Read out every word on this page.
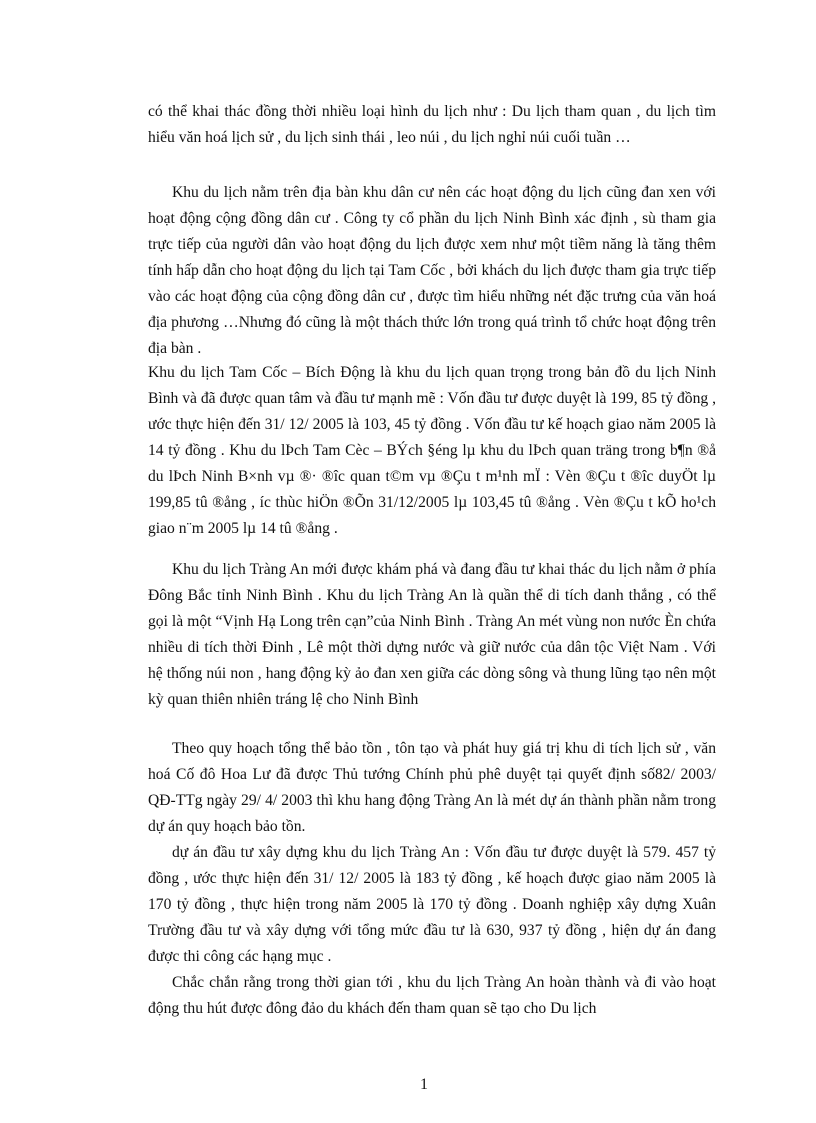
có thể khai thác đồng thời nhiều loại hình du lịch như : Du lịch tham quan , du lịch tìm hiểu văn hoá lịch sử , du lịch sinh thái , leo núi , du lịch nghỉ núi cuối tuần …

Khu du lịch nằm trên địa bàn khu dân cư nên các hoạt động du lịch cũng đan xen với hoạt động cộng đồng dân cư . Công ty cổ phần du lịch Ninh Bình xác định , sù tham gia trực tiếp của người dân vào hoạt động du lịch được xem như một tiềm năng là tăng thêm tính hấp dẫn cho hoạt động du lịch tại Tam Cốc , bởi khách du lịch được tham gia trực tiếp vào các hoạt động của cộng đồng dân cư , được tìm hiểu những nét đặc trưng của văn hoá địa phương …Nhưng đó cũng là một thách thức lớn trong quá trình tổ chức hoạt động trên địa bàn .

Khu du lịch Tam Cốc – Bích Động là khu du lịch quan trọng trong bản đồ du lịch Ninh Bình và đã được quan tâm và đầu tư mạnh mẽ : Vốn đầu tư được duyệt là 199, 85 tỷ đồng , ước thực hiện đến 31/ 12/ 2005 là 103, 45 tỷ đồng . Vốn đầu tư kế hoạch giao năm 2005 là 14 tỷ đồng . Khu du lÞch Tam Cèc – BÝch §éng lµ khu du lÞch quan träng trong b¶n ®å du lÞch Ninh B×nh vµ ®· ®îc quan t©m vµ ®Çu t m¹nh mÏ : Vèn ®Çu t ®îc duyÖt lµ 199,85 tû ®ång , íc thùc hiÖn ®Õn 31/12/2005 lµ 103,45 tû ®ång . Vèn ®Çu t kÕ ho¹ch giao n¨m 2005 lµ 14 tû ®ång .

Khu du lịch Tràng An mới được khám phá và đang đầu tư khai thác du lịch nằm ở phía Đông Bắc tỉnh Ninh Bình . Khu du lịch Tràng An là quần thể di tích danh thắng , có thể gọi là một “Vịnh Hạ Long trên cạn”của Ninh Bình . Tràng An mét vùng non nước Èn chứa nhiều di tích thời Đinh , Lê một thời dựng nước và giữ nước của dân tộc Việt Nam . Với hệ thống núi non , hang động kỳ ảo đan xen giữa các dòng sông và thung lũng tạo nên một kỳ quan thiên nhiên tráng lệ cho Ninh Bình

Theo quy hoạch tổng thể bảo tồn , tôn tạo và phát huy giá trị khu di tích lịch sử , văn hoá Cố đô Hoa Lư đã được Thủ tướng Chính phủ phê duyệt tại quyết định số82/ 2003/ QĐ-TTg ngày 29/ 4/ 2003 thì khu hang động Tràng An là mét dự án thành phần nằm trong dự án quy hoạch bảo tồn.

dự án đầu tư xây dựng khu du lịch Tràng An : Vốn đầu tư được duyệt là 579. 457 tỷ đồng , ước thực hiện đến 31/ 12/ 2005 là 183 tỷ đồng , kế hoạch được giao năm 2005 là 170 tỷ đồng , thực hiện trong năm 2005 là 170 tỷ đồng . Doanh nghiệp xây dựng Xuân Trường đầu tư và xây dựng với tổng mức đầu tư là 630, 937 tỷ đồng , hiện dự án đang được thi công các hạng mục .

Chắc chắn rằng trong thời gian tới , khu du lịch Tràng An hoàn thành và đi vào hoạt động thu hút được đông đảo du khách đến tham quan sẽ tạo cho Du lịch

1
